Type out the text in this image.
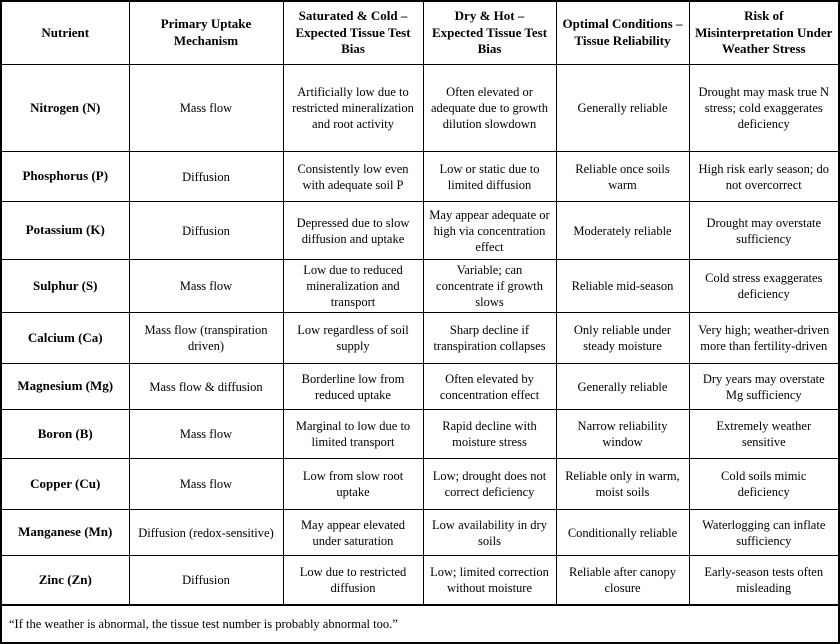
Nutrient	Primary Uptake Mechanism	Saturated & Cold – Expected Tissue Test Bias	Dry & Hot – Expected Tissue Test Bias	Optimal Conditions – Tissue Reliability	Risk of Misinterpretation Under Weather Stress
Nitrogen (N)	Mass flow	Artificially low due to restricted mineralization and root activity	Often elevated or adequate due to growth dilution slowdown	Generally reliable	Drought may mask true N stress; cold exaggerates deficiency
Phosphorus (P)	Diffusion	Consistently low even with adequate soil P	Low or static due to limited diffusion	Reliable once soils warm	High risk early season; do not overcorrect
Potassium (K)	Diffusion	Depressed due to slow diffusion and uptake	May appear adequate or high via concentration effect	Moderately reliable	Drought may overstate sufficiency
Sulphur (S)	Mass flow	Low due to reduced mineralization and transport	Variable; can concentrate if growth slows	Reliable mid-season	Cold stress exaggerates deficiency
Calcium (Ca)	Mass flow (transpiration driven)	Low regardless of soil supply	Sharp decline if transpiration collapses	Only reliable under steady moisture	Very high; weather-driven more than fertility-driven
Magnesium (Mg)	Mass flow & diffusion	Borderline low from reduced uptake	Often elevated by concentration effect	Generally reliable	Dry years may overstate Mg sufficiency
Boron (B)	Mass flow	Marginal to low due to limited transport	Rapid decline with moisture stress	Narrow reliability window	Extremely weather sensitive
Copper (Cu)	Mass flow	Low from slow root uptake	Low; drought does not correct deficiency	Reliable only in warm, moist soils	Cold soils mimic deficiency
Manganese (Mn)	Diffusion (redox-sensitive)	May appear elevated under saturation	Low availability in dry soils	Conditionally reliable	Waterlogging can inflate sufficiency
Zinc (Zn)	Diffusion	Low due to restricted diffusion	Low; limited correction without moisture	Reliable after canopy closure	Early-season tests often misleading
“If the weather is abnormal, the tissue test number is probably abnormal too.”					
